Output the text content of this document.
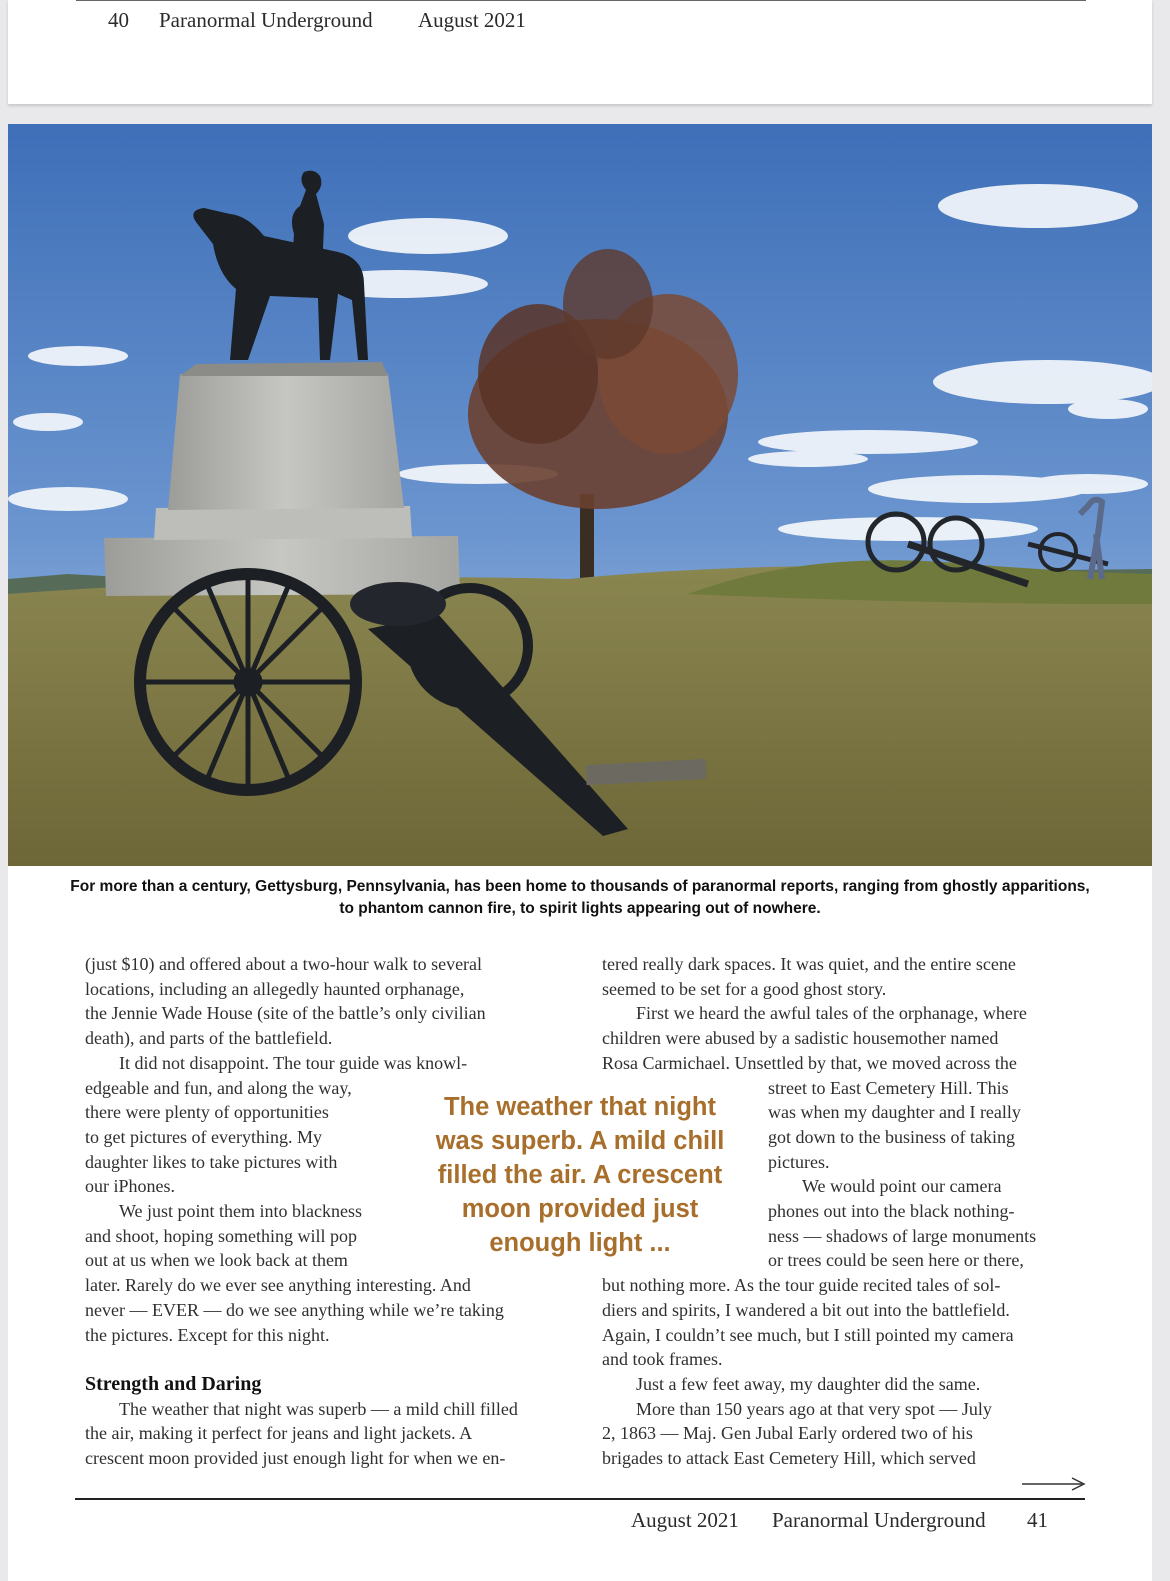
40 Paranormal Underground August 2021
For more than a century, Gettysburg, Pennsylvania, has been home to thousands of paranormal reports, ranging from ghostly apparitions, to phantom cannon fire, to spirit lights appearing out of nowhere.

(just $10) and offered about a two-hour walk to several

locations, including an allegedly haunted orphanage,

the Jennie Wade House (site of the battle’s only civilian

death), and parts of the battlefield.

It did not disappoint. The tour guide was knowl-

edgeable and fun, and along the way,

there were plenty of opportunities

to get pictures of everything. My

daughter likes to take pictures with

our iPhones.

We just point them into blackness

and shoot, hoping something will pop

out at us when we look back at them

later. Rarely do we ever see anything interesting. And

never — EVER — do we see anything while we’re taking

the pictures. Except for this night.

Strength and Daring

The weather that night was superb — a mild chill filled

the air, making it perfect for jeans and light jackets. A

crescent moon provided just enough light for when we en-

tered really dark spaces. It was quiet, and the entire scene

seemed to be set for a good ghost story.

First we heard the awful tales of the orphanage, where

children were abused by a sadistic housemother named

Rosa Carmichael. Unsettled by that, we moved across the

street to East Cemetery Hill. This

was when my daughter and I really

got down to the business of taking

pictures.

We would point our camera

phones out into the black nothing-

ness — shadows of large monuments

or trees could be seen here or there,

but nothing more. As the tour guide recited tales of sol-

diers and spirits, I wandered a bit out into the battlefield.

Again, I couldn’t see much, but I still pointed my camera

and took frames.

Just a few feet away, my daughter did the same.

More than 150 years ago at that very spot — July

2, 1863 — Maj. Gen Jubal Early ordered two of his

brigades to attack East Cemetery Hill, which served

The weather that night
was superb. A mild chill
filled the air. A crescent
moon provided just
enough light ...
August 2021 Paranormal Underground 41
